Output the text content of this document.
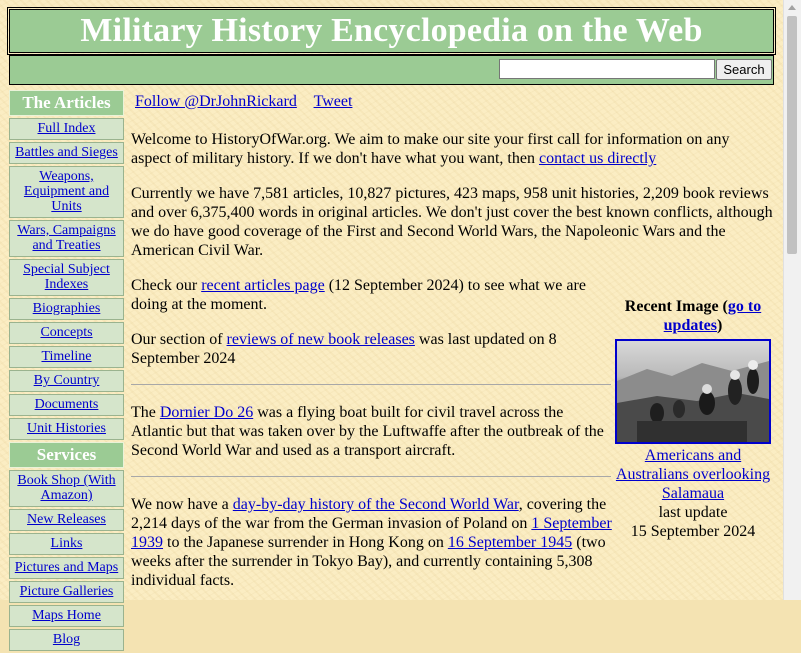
Military History Encyclopedia on the Web
Search
The Articles
Full Index
Battles and Sieges
Weapons, Equipment and Units
Wars, Campaigns and Treaties
Special Subject Indexes
Biographies
Concepts
Timeline
By Country
Documents
Unit Histories
Services
Book Shop (With Amazon)
New Releases
Links
Pictures and Maps
Picture Galleries
Maps Home
Blog
Follow @DrJohnRickard Tweet

Welcome to HistoryOfWar.org. We aim to make our site your first call for information on any aspect of military history. If we don't have what you want, then contact us directly

Currently we have 7,581 articles, 10,827 pictures, 423 maps, 958 unit histories, 2,209 book reviews and over 6,375,400 words in original articles. We don't just cover the best known conflicts, although we do have good coverage of the First and Second World Wars, the Napoleonic Wars and the American Civil War.

Check our recent articles page (12 September 2024) to see what we are doing at the moment.

Our section of reviews of new book releases was last updated on 8 September 2024

The Dornier Do 26 was a flying boat built for civil travel across the Atlantic but that was taken over by the Luftwaffe after the outbreak of the Second World War and used as a transport aircraft.

We now have a day-by-day history of the Second World War, covering the 2,214 days of the war from the German invasion of Poland on 1 September 1939 to the Japanese surrender in Hong Kong on 16 September 1945 (two weeks after the surrender in Tokyo Bay), and currently containing 5,308 individual facts.

Recent Image (go to updates)
Americans and Australians overlooking Salamaua
last update
15 September 2024
